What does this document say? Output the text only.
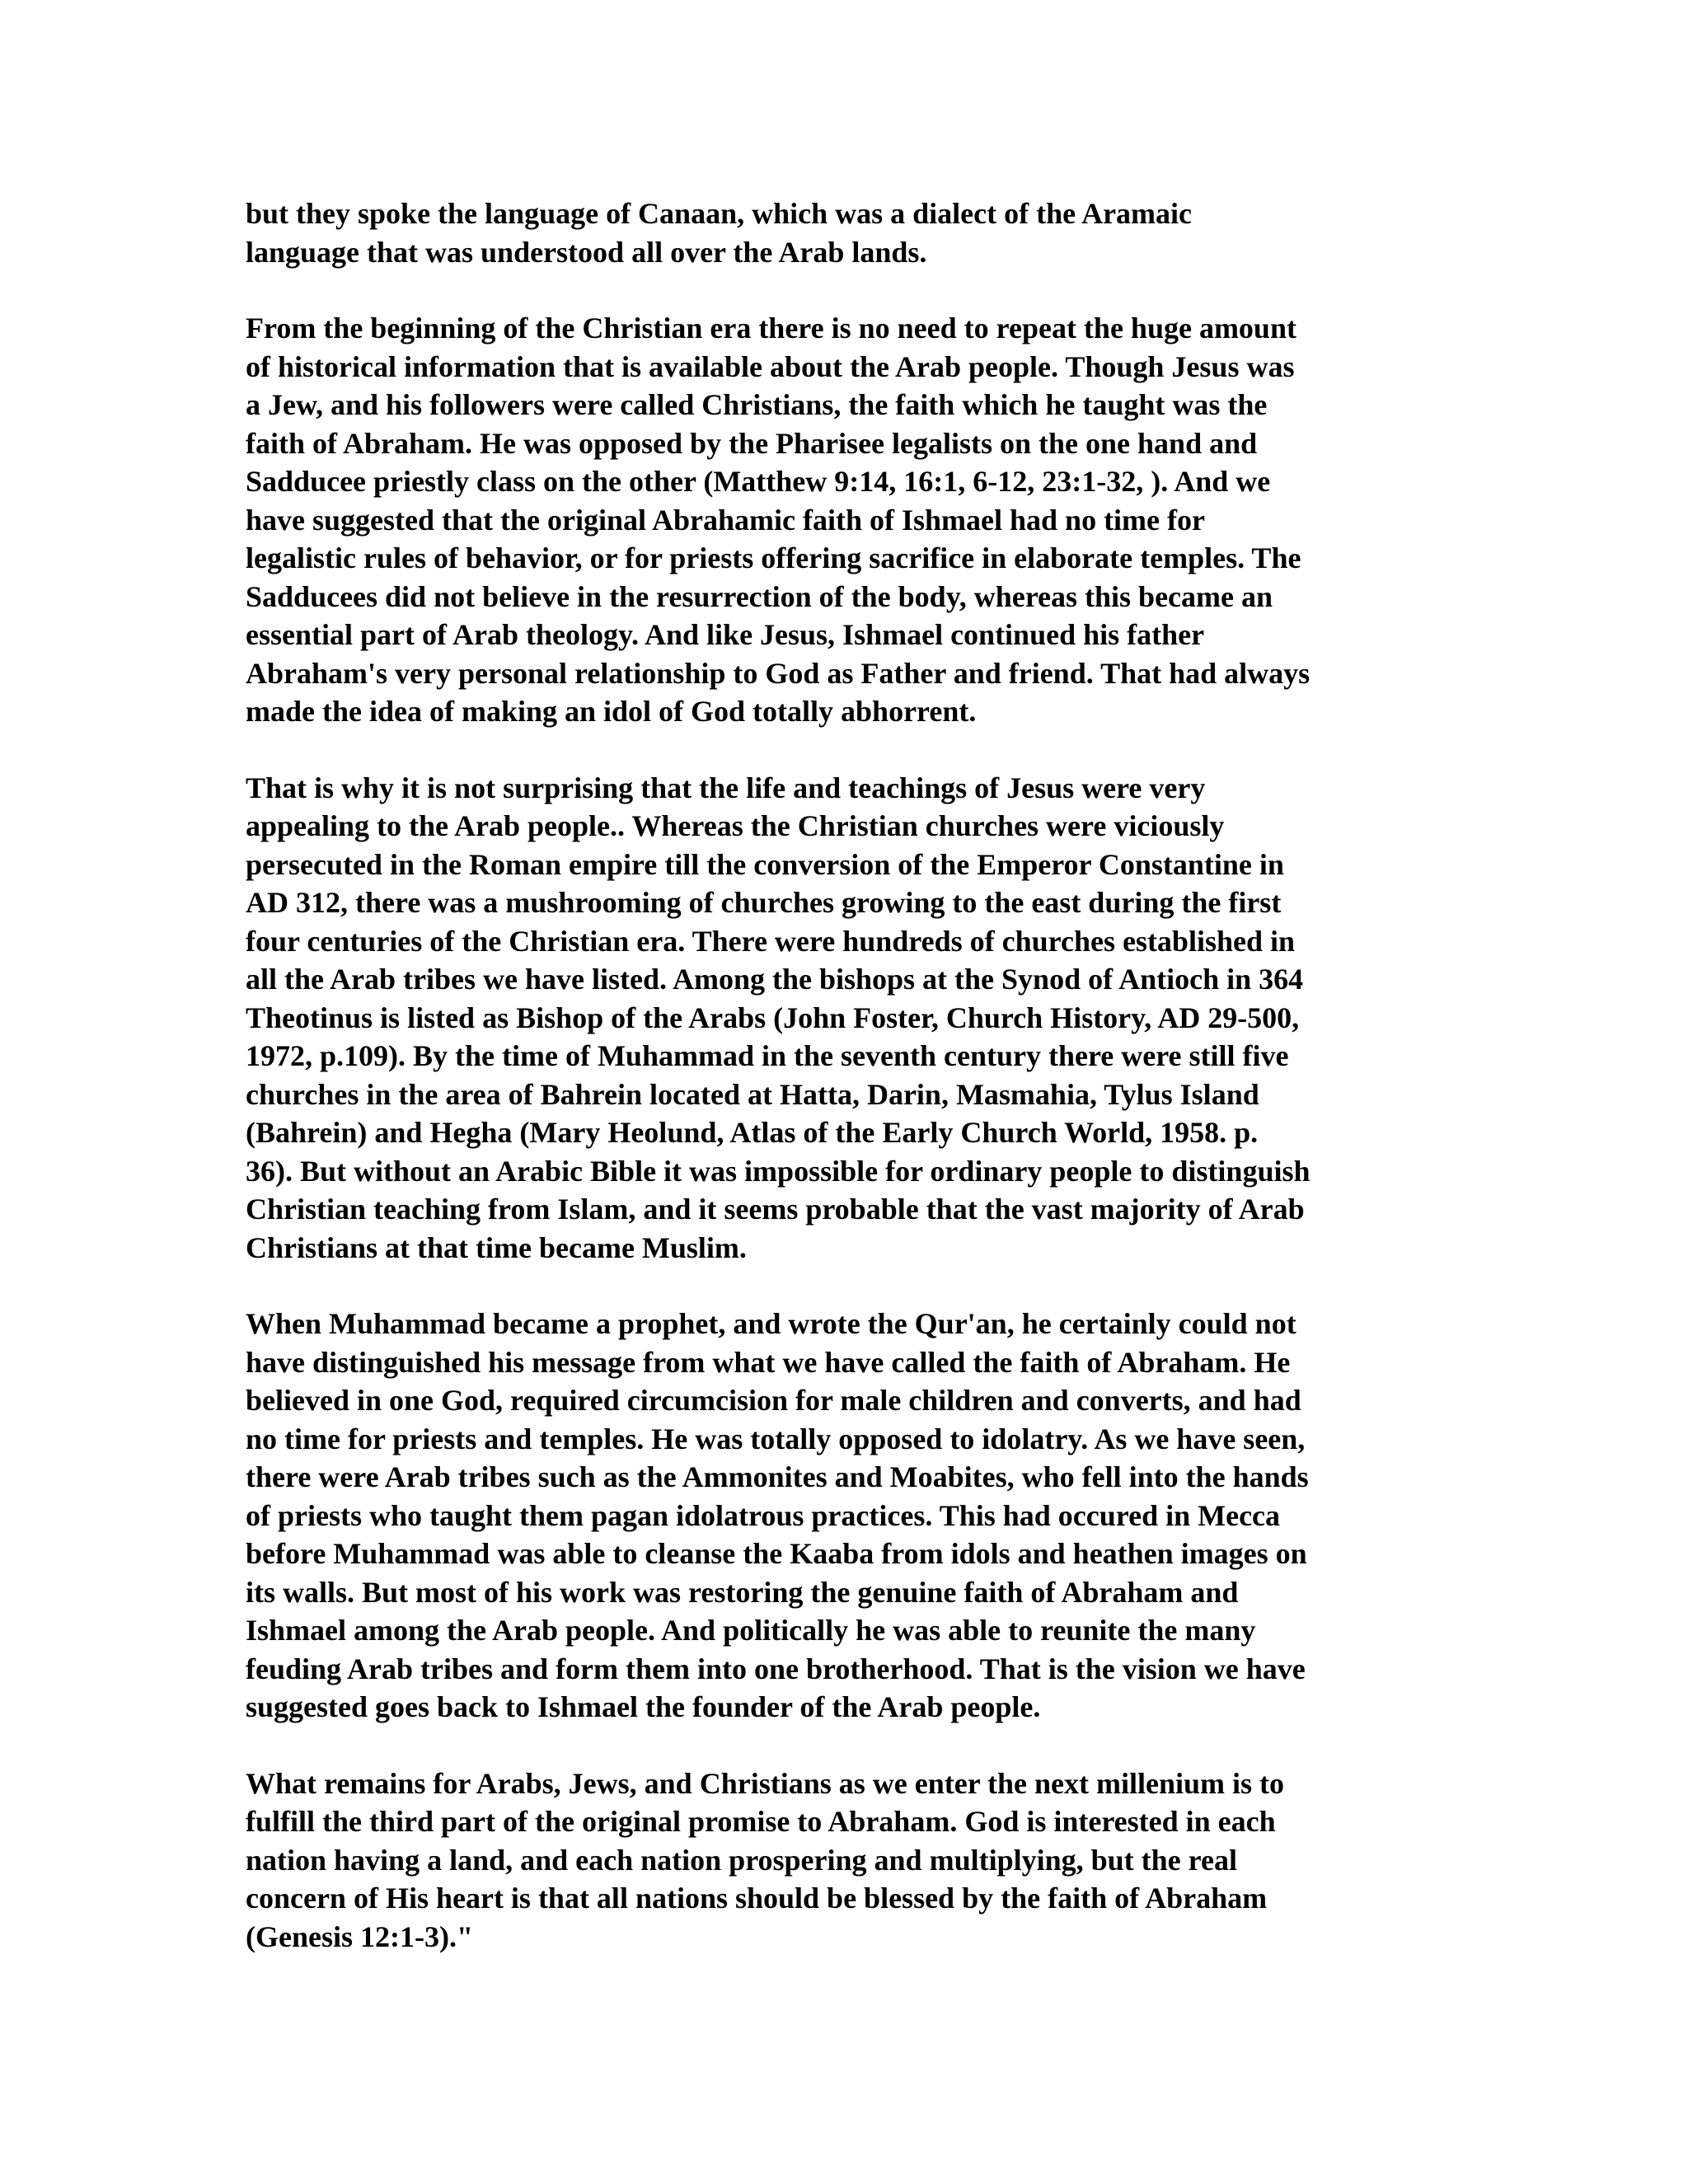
but they spoke the language of Canaan, which was a dialect of the Aramaic
language that was understood all over the Arab lands.

From the beginning of the Christian era there is no need to repeat the huge amount
of historical information that is available about the Arab people. Though Jesus was
a Jew, and his followers were called Christians, the faith which he taught was the
faith of Abraham. He was opposed by the Pharisee legalists on the one hand and
Sadducee priestly class on the other (Matthew 9:14, 16:1, 6-12, 23:1-32, ). And we
have suggested that the original Abrahamic faith of Ishmael had no time for
legalistic rules of behavior, or for priests offering sacrifice in elaborate temples. The
Sadducees did not believe in the resurrection of the body, whereas this became an
essential part of Arab theology. And like Jesus, Ishmael continued his father
Abraham's very personal relationship to God as Father and friend. That had always
made the idea of making an idol of God totally abhorrent.

That is why it is not surprising that the life and teachings of Jesus were very
appealing to the Arab people.. Whereas the Christian churches were viciously
persecuted in the Roman empire till the conversion of the Emperor Constantine in
AD 312, there was a mushrooming of churches growing to the east during the first
four centuries of the Christian era. There were hundreds of churches established in
all the Arab tribes we have listed. Among the bishops at the Synod of Antioch in 364
Theotinus is listed as Bishop of the Arabs (John Foster, Church History, AD 29-500,
1972, p.109). By the time of Muhammad in the seventh century there were still five
churches in the area of Bahrein located at Hatta, Darin, Masmahia, Tylus Island
(Bahrein) and Hegha (Mary Heolund, Atlas of the Early Church World, 1958. p.
36). But without an Arabic Bible it was impossible for ordinary people to distinguish
Christian teaching from Islam, and it seems probable that the vast majority of Arab
Christians at that time became Muslim.

When Muhammad became a prophet, and wrote the Qur'an, he certainly could not
have distinguished his message from what we have called the faith of Abraham. He
believed in one God, required circumcision for male children and converts, and had
no time for priests and temples. He was totally opposed to idolatry. As we have seen,
there were Arab tribes such as the Ammonites and Moabites, who fell into the hands
of priests who taught them pagan idolatrous practices. This had occured in Mecca
before Muhammad was able to cleanse the Kaaba from idols and heathen images on
its walls. But most of his work was restoring the genuine faith of Abraham and
Ishmael among the Arab people. And politically he was able to reunite the many
feuding Arab tribes and form them into one brotherhood. That is the vision we have
suggested goes back to Ishmael the founder of the Arab people.

What remains for Arabs, Jews, and Christians as we enter the next millenium is to
fulfill the third part of the original promise to Abraham. God is interested in each
nation having a land, and each nation prospering and multiplying, but the real
concern of His heart is that all nations should be blessed by the faith of Abraham
(Genesis 12:1-3)."
